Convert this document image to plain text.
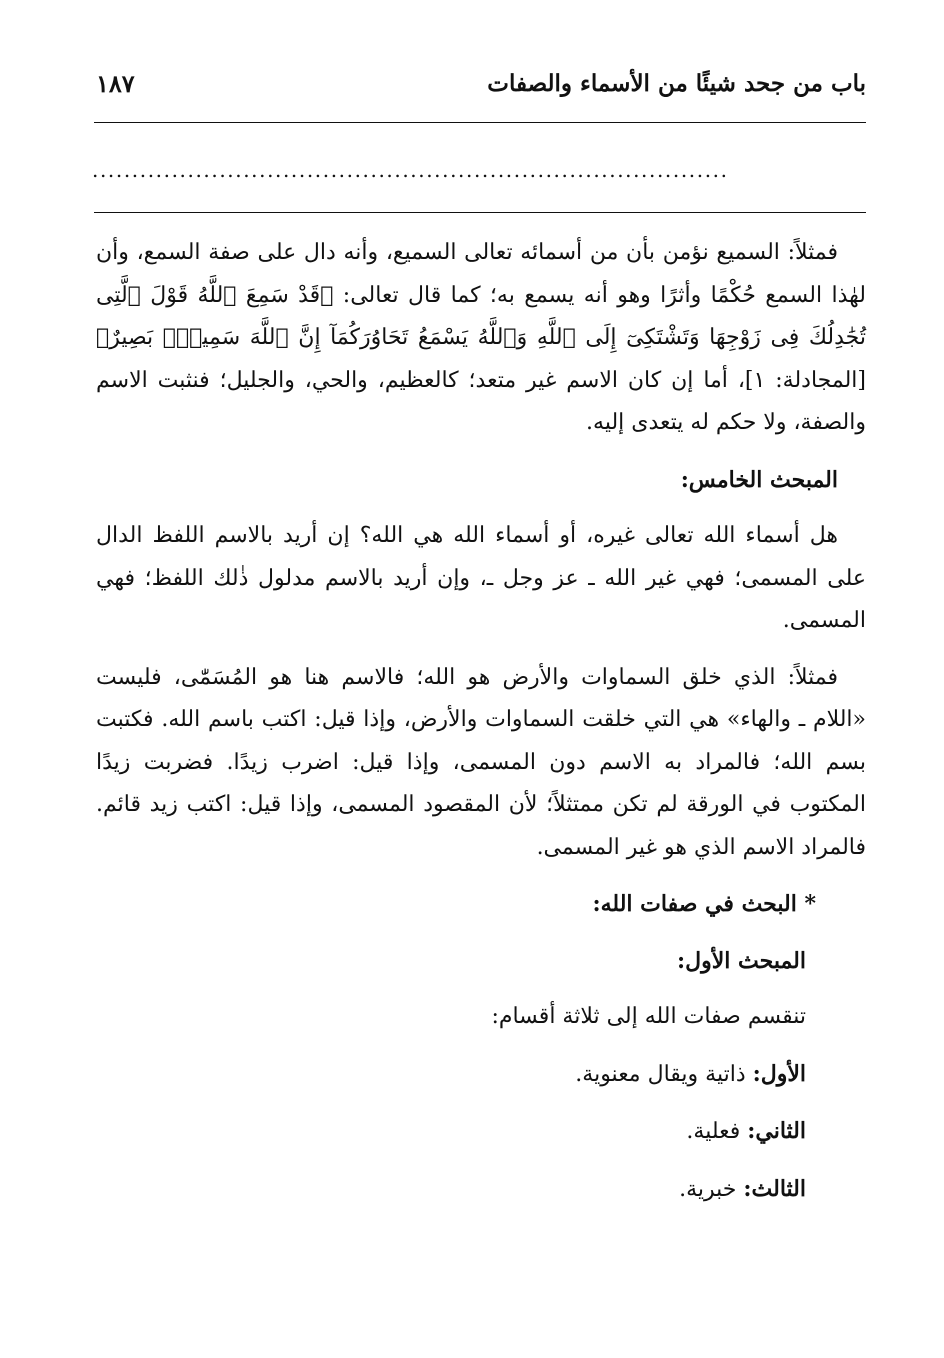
باب من جحد شيئًا من الأسماء والصفات
١٨٧
................................................................................

فمثلاً: السميع نؤمن بأن من أسمائه تعالى السميع، وأنه دال على صفة السمع، وأن لهٰذا السمع حُكْمًا وأثرًا وهو أنه يسمع به؛ كما قال تعالى: ﴿قَدْ سَمِعَ ٱللَّهُ قَوْلَ ٱلَّتِى تُجَٰدِلُكَ فِى زَوْجِهَا وَتَشْتَكِىٓ إِلَى ٱللَّهِ وَٱللَّهُ يَسْمَعُ تَحَاوُرَكُمَآ إِنَّ ٱللَّهَ سَمِيعٌۢ بَصِيرٌ﴾ [المجادلة: ١]، أما إن كان الاسم غير متعد؛ كالعظيم، والحي، والجليل؛ فنثبت الاسم والصفة، ولا حكم له يتعدى إليه.

المبحث الخامس:

هل أسماء الله تعالى غيره، أو أسماء الله هي الله؟ إن أريد بالاسم اللفظ الدال على المسمى؛ فهي غير الله ـ عز وجل ـ، وإن أريد بالاسم مدلول ذٰلك اللفظ؛ فهي المسمى.

فمثلاً: الذي خلق السماوات والأرض هو الله؛ فالاسم هنا هو المُسَمّٰى، فليست «اللام ـ والهاء» هي التي خلقت السماوات والأرض، وإذا قيل: اكتب باسم الله. فكتبت بسم الله؛ فالمراد به الاسم دون المسمى، وإذا قيل: اضرب زيدًا. فضربت زيدًا المكتوب في الورقة لم تكن ممتثلاً؛ لأن المقصود المسمى، وإذا قيل: اكتب زيد قائم. فالمراد الاسم الذي هو غير المسمى.

* البحث في صفات الله:

المبحث الأول:

تنقسم صفات الله إلى ثلاثة أقسام:

الأول: ذاتية ويقال معنوية.

الثاني: فعلية.

الثالث: خبرية.
